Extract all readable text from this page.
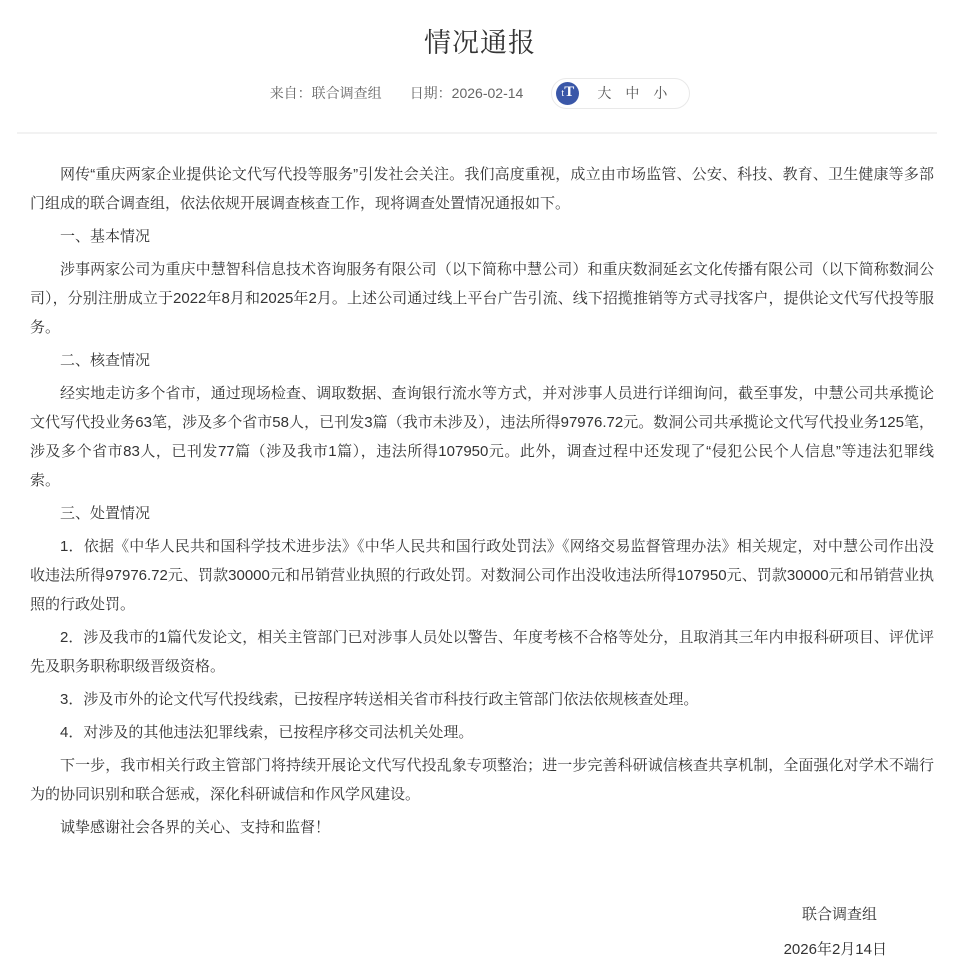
情况通报
来自：联合调查组 日期：2026-02-14	t T	大	中	小

网传“重庆两家企业提供论文代写代投等服务”引发社会关注。我们高度重视，成立由市场监管、公安、科技、教育、卫生健康等多部门组成的联合调查组，依法依规开展调查核查工作，现将调查处置情况通报如下。

一、基本情况

涉事两家公司为重庆中慧智科信息技术咨询服务有限公司（以下简称中慧公司）和重庆数洞延玄文化传播有限公司（以下简称数洞公司），分别注册成立于2022年8月和2025年2月。上述公司通过线上平台广告引流、线下招揽推销等方式寻找客户，提供论文代写代投等服务。

二、核查情况

经实地走访多个省市，通过现场检查、调取数据、查询银行流水等方式，并对涉事人员进行详细询问，截至事发，中慧公司共承揽论文代写代投业务63笔，涉及多个省市58人，已刊发3篇（我市未涉及），违法所得97976.72元。数洞公司共承揽论文代写代投业务125笔，涉及多个省市83人，已刊发77篇（涉及我市1篇），违法所得107950元。此外，调查过程中还发现了“侵犯公民个人信息”等违法犯罪线索。

三、处置情况

1．依据《中华人民共和国科学技术进步法》《中华人民共和国行政处罚法》《网络交易监督管理办法》相关规定，对中慧公司作出没收违法所得97976.72元、罚款30000元和吊销营业执照的行政处罚。对数洞公司作出没收违法所得107950元、罚款30000元和吊销营业执照的行政处罚。

2．涉及我市的1篇代发论文，相关主管部门已对涉事人员处以警告、年度考核不合格等处分，且取消其三年内申报科研项目、评优评先及职务职称职级晋级资格。

3．涉及市外的论文代写代投线索，已按程序转送相关省市科技行政主管部门依法依规核查处理。

4．对涉及的其他违法犯罪线索，已按程序移交司法机关处理。

下一步，我市相关行政主管部门将持续开展论文代写代投乱象专项整治；进一步完善科研诚信核查共享机制，全面强化对学术不端行为的协同识别和联合惩戒，深化科研诚信和作风学风建设。

诚挚感谢社会各界的关心、支持和监督！

联合调查组
2026年2月14日
